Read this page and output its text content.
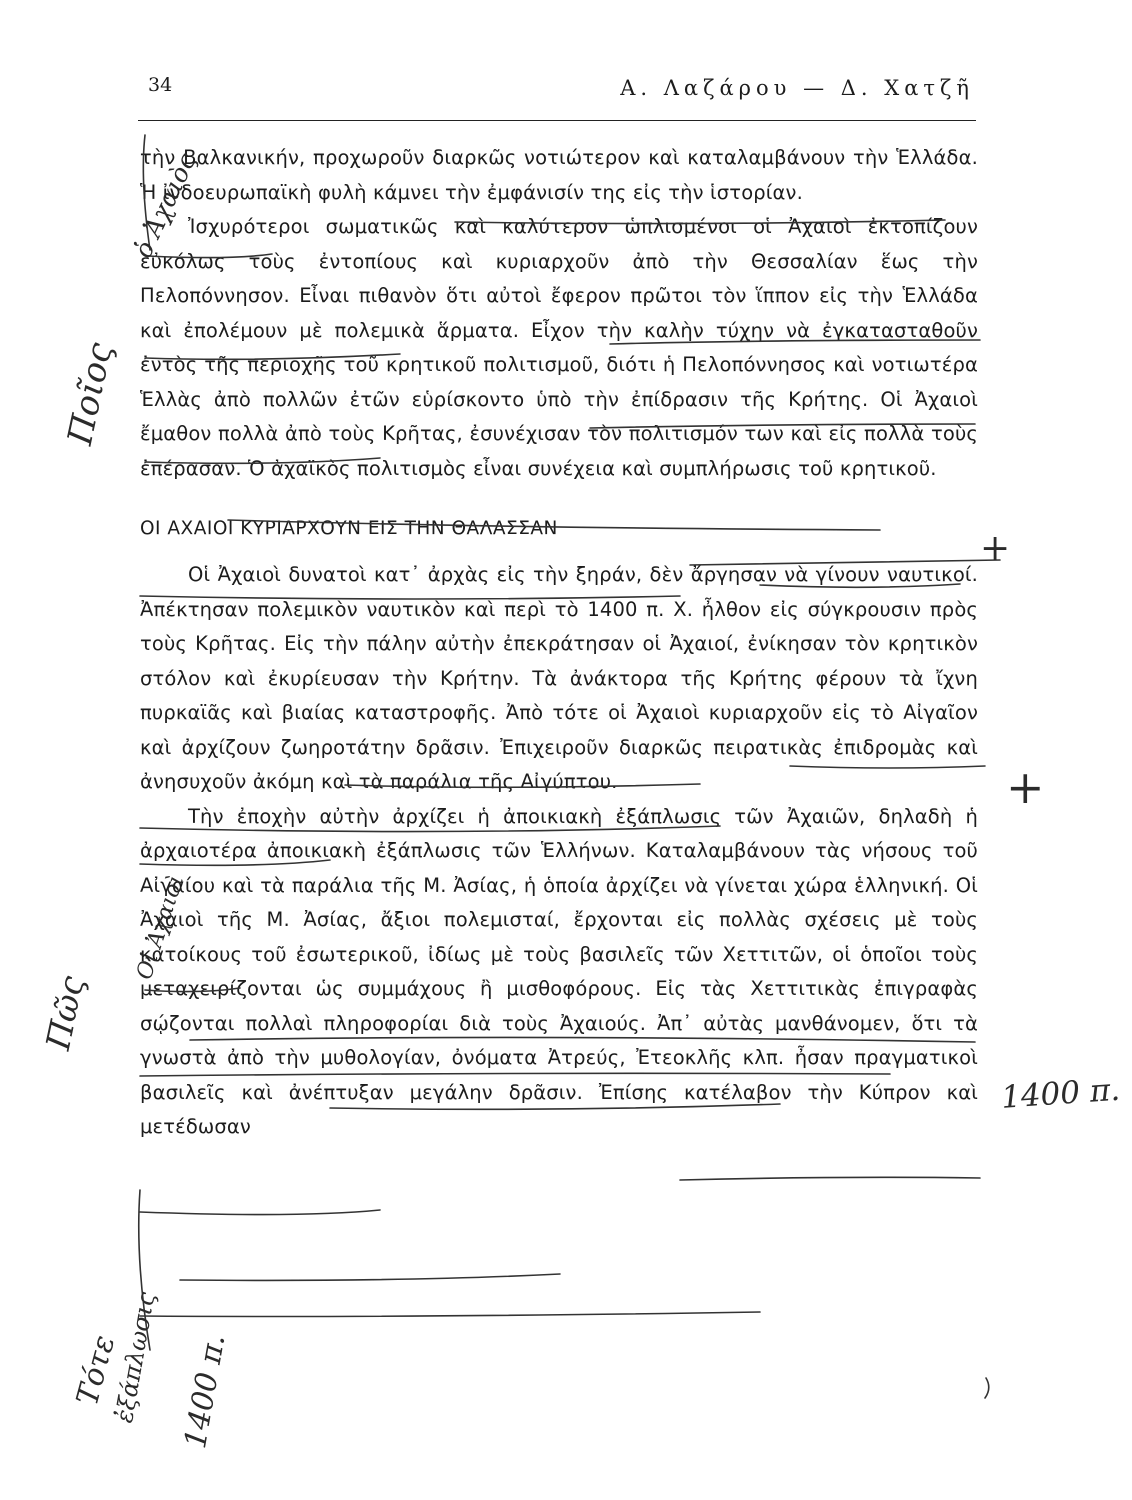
34	Α. Λαζάρου — Δ. Χατζῆ

τὴν Βαλκανικήν, προχωροῦν διαρκῶς νοτιώτερον καὶ καταλαμβάνουν τὴν Ἑλλάδα. Ἡ ἰνδοευρωπαϊκὴ φυλὴ κάμνει τὴν ἐμφάνισίν της εἰς τὴν ἱστορίαν.

Ἰσχυρότεροι σωματικῶς καὶ καλύτερον ὡπλισμένοι οἱ Ἀχαιοὶ ἐκτοπίζουν εὐκόλως τοὺς ἐντοπίους καὶ κυριαρχοῦν ἀπὸ τὴν Θεσσαλίαν ἕως τὴν Πελοπόννησον. Εἶναι πιθανὸν ὅτι αὐτοὶ ἔφερον πρῶτοι τὸν ἵππον εἰς τὴν Ἑλλάδα καὶ ἐπολέμουν μὲ πολεμικὰ ἅρματα. Εἶχον τὴν καλὴν τύχην νὰ ἐγκατασταθοῦν ἐντὸς τῆς περιοχῆς τοῦ κρητικοῦ πολιτισμοῦ, διότι ἡ Πελοπόννησος καὶ νοτιωτέρα Ἑλλὰς ἀπὸ πολλῶν ἐτῶν εὑρίσκοντο ὑπὸ τὴν ἐπίδρασιν τῆς Κρήτης. Οἱ Ἀχαιοὶ ἔμαθον πολλὰ ἀπὸ τοὺς Κρῆτας, ἐσυνέχισαν τὸν πολιτισμόν των καὶ εἰς πολλὰ τοὺς ἐπέρασαν. Ὁ ἀχαϊκὸς πολιτισμὸς εἶναι συνέχεια καὶ συμπλήρωσις τοῦ κρητικοῦ.

ΟΙ ΑΧΑΙΟΙ ΚΥΡΙΑΡΧΟΥΝ ΕΙΣ ΤΗΝ ΘΑΛΑΣΣΑΝ

Οἱ Ἀχαιοὶ δυνατοὶ κατ᾽ ἀρχὰς εἰς τὴν ξηράν, δὲν ἄργησαν νὰ γίνουν ναυτικοί. Ἀπέκτησαν πολεμικὸν ναυτικὸν καὶ περὶ τὸ 1400 π. Χ. ἦλθον εἰς σύγκρουσιν πρὸς τοὺς Κρῆτας. Εἰς τὴν πάλην αὐτὴν ἐπεκράτησαν οἱ Ἀχαιοί, ἐνίκησαν τὸν κρητικὸν στόλον καὶ ἐκυρίευσαν τὴν Κρήτην. Τὰ ἀνάκτορα τῆς Κρήτης φέρουν τὰ ἴχνη πυρκαϊᾶς καὶ βιαίας καταστροφῆς. Ἀπὸ τότε οἱ Ἀχαιοὶ κυριαρχοῦν εἰς τὸ Αἰγαῖον καὶ ἀρχίζουν ζωηροτάτην δρᾶσιν. Ἐπιχειροῦν διαρκῶς πειρατικὰς ἐπιδρομὰς καὶ ἀνησυχοῦν ἀκόμη καὶ τὰ παράλια τῆς Αἰγύπτου.

Τὴν ἐποχὴν αὐτὴν ἀρχίζει ἡ ἀποικιακὴ ἐξάπλωσις τῶν Ἀχαιῶν, δηλαδὴ ἡ ἀρχαιοτέρα ἀποικιακὴ ἐξάπλωσις τῶν Ἑλλήνων. Καταλαμβάνουν τὰς νήσους τοῦ Αἰγαίου καὶ τὰ παράλια τῆς Μ. Ἀσίας, ἡ ὁποία ἀρχίζει νὰ γίνεται χώρα ἑλληνική. Οἱ Ἀχαιοὶ τῆς Μ. Ἀσίας, ἄξιοι πολεμισταί, ἔρχονται εἰς πολλὰς σχέσεις μὲ τοὺς κατοίκους τοῦ ἐσωτερικοῦ, ἰδίως μὲ τοὺς βασιλεῖς τῶν Χεττιτῶν, οἱ ὁποῖοι τοὺς μεταχειρίζονται ὡς συμμάχους ἢ μισθοφόρους. Εἰς τὰς Χεττιτικὰς ἐπιγραφὰς σῴζονται πολλαὶ πληροφορίαι διὰ τοὺς Ἀχαιούς. Ἀπ᾽ αὐτὰς μανθάνομεν, ὅτι τὰ γνωστὰ ἀπὸ τὴν μυθολογίαν, ὀνόματα Ἀτρεύς, Ἐτεοκλῆς κλπ. ἦσαν πραγματικοὶ βασιλεῖς καὶ ἀνέπτυξαν μεγάλην δρᾶσιν. Ἐπίσης κατέλαβον τὴν Κύπρον καὶ μετέδωσαν

Ποῖος
ὁ Ἀχαιὸς
Πῶς
Οἱ Ἀχαιοὶ
Τότε
ἐξάπλωσις 1400 π.
1400 π.
+
+
